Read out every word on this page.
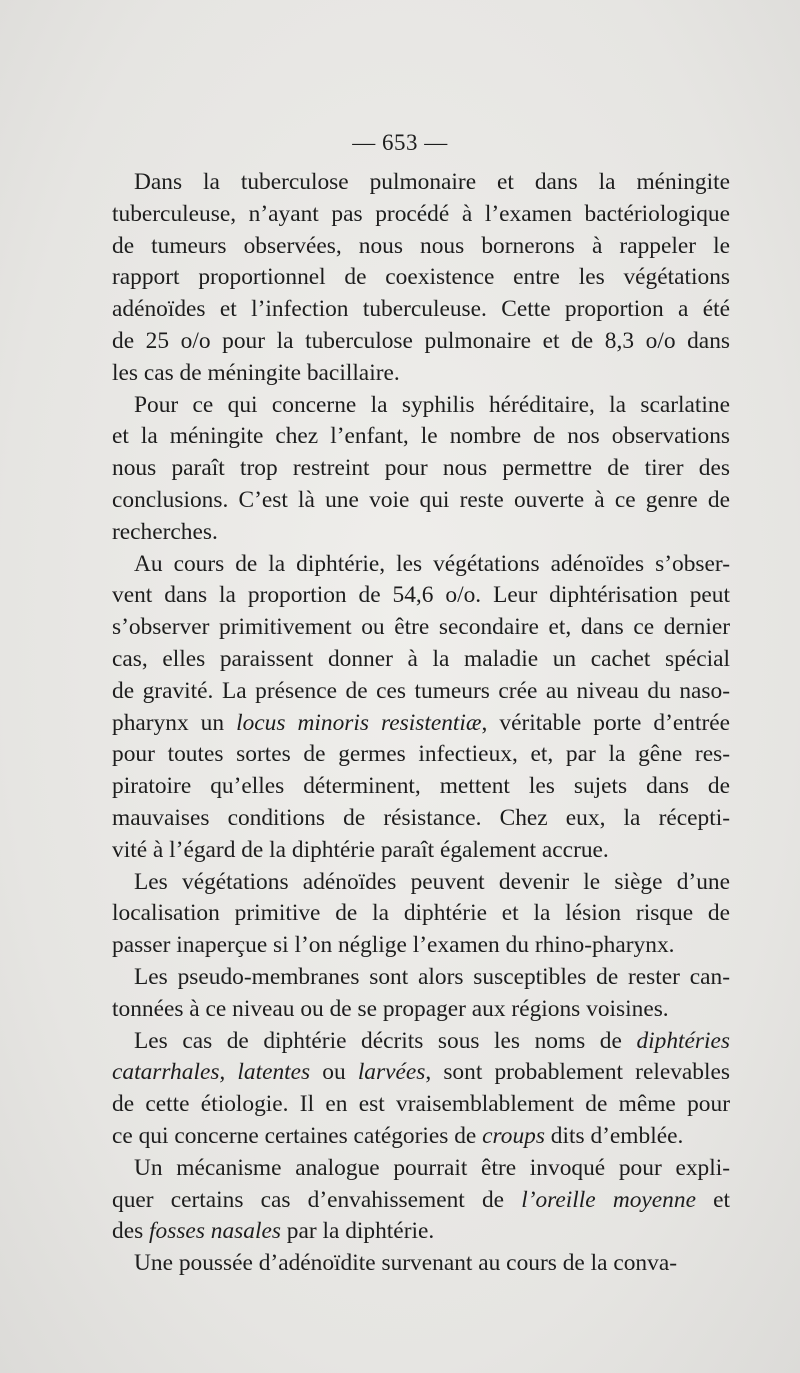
— 653 —
Dans la tuberculose pulmonaire et dans la méningite
tuberculeuse, n’ayant pas procédé à l’examen bactériologique
de tumeurs observées, nous nous bornerons à rappeler le
rapport proportionnel de coexistence entre les végétations
adénoïdes et l’infection tuberculeuse. Cette proportion a été
de 25 o/o pour la tuberculose pulmonaire et de 8,3 o/o dans
les cas de méningite bacillaire.
Pour ce qui concerne la syphilis héréditaire, la scarlatine
et la méningite chez l’enfant, le nombre de nos observations
nous paraît trop restreint pour nous permettre de tirer des
conclusions. C’est là une voie qui reste ouverte à ce genre de
recherches.
Au cours de la diphtérie, les végétations adénoïdes s’obser-
vent dans la proportion de 54,6 o/o. Leur diphtérisation peut
s’observer primitivement ou être secondaire et, dans ce dernier
cas, elles paraissent donner à la maladie un cachet spécial
de gravité. La présence de ces tumeurs crée au niveau du naso-
pharynx un locus minoris resistentiæ, véritable porte d’entrée
pour toutes sortes de germes infectieux, et, par la gêne res-
piratoire qu’elles déterminent, mettent les sujets dans de
mauvaises conditions de résistance. Chez eux, la récepti-
vité à l’égard de la diphtérie paraît également accrue.
Les végétations adénoïdes peuvent devenir le siège d’une
localisation primitive de la diphtérie et la lésion risque de
passer inaperçue si l’on néglige l’examen du rhino-pharynx.
Les pseudo-membranes sont alors susceptibles de rester can-
tonnées à ce niveau ou de se propager aux régions voisines.
Les cas de diphtérie décrits sous les noms de diphtéries
catarrhales, latentes ou larvées, sont probablement relevables
de cette étiologie. Il en est vraisemblablement de même pour
ce qui concerne certaines catégories de croups dits d’emblée.
Un mécanisme analogue pourrait être invoqué pour expli-
quer certains cas d’envahissement de l’oreille moyenne et
des fosses nasales par la diphtérie.
Une poussée d’adénoïdite survenant au cours de la conva-
